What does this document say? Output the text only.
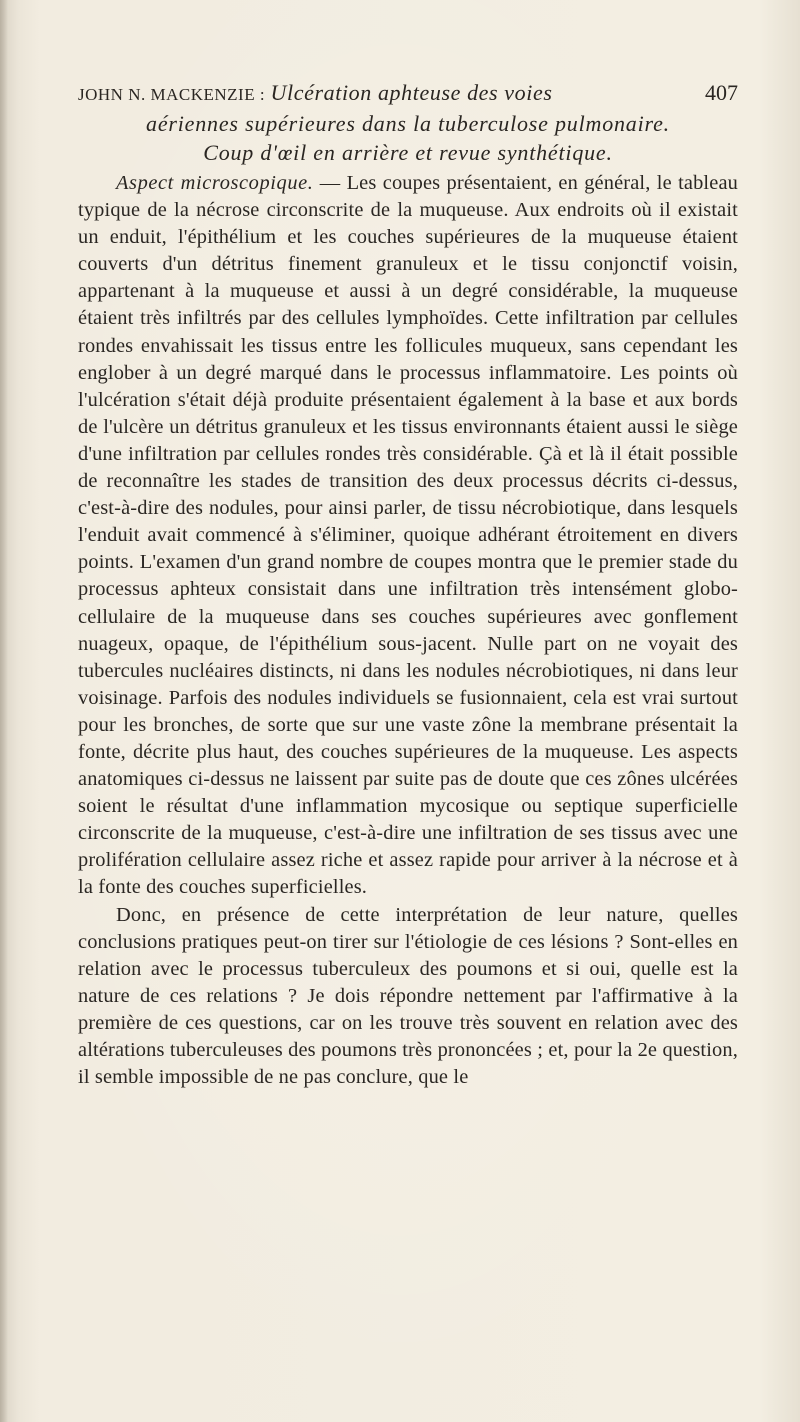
JOHN N. MACKENZIE : Ulcération aphteuse des voies	407
aériennes supérieures dans la tuberculose pulmonaire.
Coup d'œil en arrière et revue synthétique.

Aspect microscopique. — Les coupes présentaient, en général, le tableau typique de la nécrose circonscrite de la muqueuse. Aux endroits où il existait un enduit, l'épithélium et les couches supérieures de la muqueuse étaient couverts d'un détritus finement granuleux et le tissu conjonctif voisin, appartenant à la muqueuse et aussi à un degré considérable, la muqueuse étaient très infiltrés par des cellules lymphoïdes. Cette infiltration par cellules rondes envahissait les tissus entre les follicules muqueux, sans cependant les englober à un degré marqué dans le processus inflammatoire. Les points où l'ulcération s'était déjà produite présentaient également à la base et aux bords de l'ulcère un détritus granuleux et les tissus environnants étaient aussi le siège d'une infiltration par cellules rondes très considérable. Çà et là il était possible de reconnaître les stades de transition des deux processus décrits ci-dessus, c'est-à-dire des nodules, pour ainsi parler, de tissu nécrobiotique, dans lesquels l'enduit avait commencé à s'éliminer, quoique adhérant étroitement en divers points. L'examen d'un grand nombre de coupes montra que le premier stade du processus aphteux consistait dans une infiltration très intensément globo-cellulaire de la muqueuse dans ses couches supérieures avec gonflement nuageux, opaque, de l'épithélium sous-jacent. Nulle part on ne voyait des tubercules nucléaires distincts, ni dans les nodules nécrobiotiques, ni dans leur voisinage. Parfois des nodules individuels se fusionnaient, cela est vrai surtout pour les bronches, de sorte que sur une vaste zône la membrane présentait la fonte, décrite plus haut, des couches supérieures de la muqueuse. Les aspects anatomiques ci-dessus ne laissent par suite pas de doute que ces zônes ulcérées soient le résultat d'une inflammation mycosique ou septique superficielle circonscrite de la muqueuse, c'est-à-dire une infiltration de ses tissus avec une prolifération cellulaire assez riche et assez rapide pour arriver à la nécrose et à la fonte des couches superficielles.

Donc, en présence de cette interprétation de leur nature, quelles conclusions pratiques peut-on tirer sur l'étiologie de ces lésions ? Sont-elles en relation avec le processus tuberculeux des poumons et si oui, quelle est la nature de ces relations ? Je dois répondre nettement par l'affirmative à la première de ces questions, car on les trouve très souvent en relation avec des altérations tuberculeuses des poumons très prononcées ; et, pour la 2e question, il semble impossible de ne pas conclure, que le
